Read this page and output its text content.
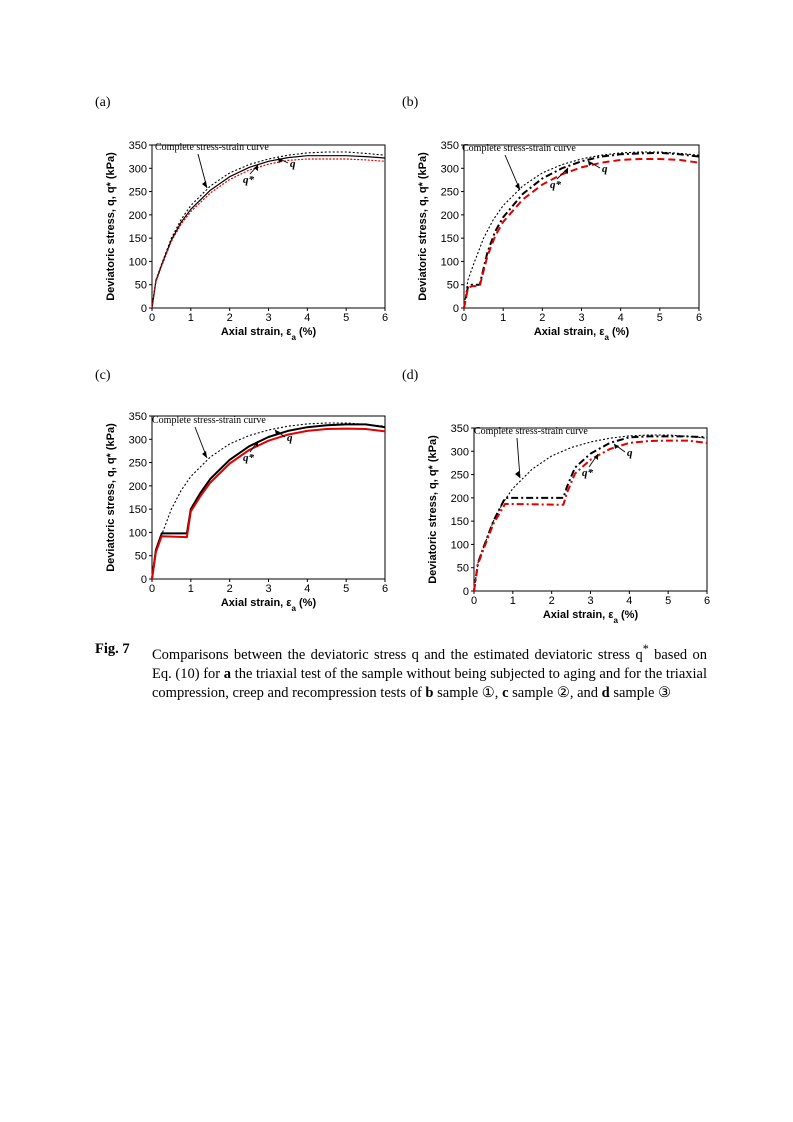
(a)
0	1	2	3	4	5	6
0
50
100
150
200
250
300
350
Axial strain, $\varepsilon_a$ (%)
Deviatoric stress, q, q* (kPa)
Complete stress-strain curve
q
q*
(b)
0	1	2	3	4	5	6
0
50
100
150
200
250
300
350
Axial strain, $\varepsilon_a$ (%)
Deviatoric stress, q, q* (kPa)
Complete stress-strain curve
q
q*
(c)
0	1	2	3	4	5	6
0
50
100
150
200
250
300
350
Axial strain, $\varepsilon_a$ (%)
Deviatoric stress, q, q* (kPa)
Complete stress-strain curve
q
q*
(d)
0	1	2	3	4	5	6
0
50
100
150
200
250
300
350
Axial strain, $\varepsilon_a$ (%)
Deviatoric stress, q, q* (kPa)
Complete stress-strain curve
q
q*
Fig. 7 Comparisons between the deviatoric stress q and the estimated deviatoric stress q* based on Eq. (10) for a the triaxial test of the sample without being subjected to aging and for the triaxial compression, creep and recompression tests of b sample ①, c sample ②, and d sample ③
